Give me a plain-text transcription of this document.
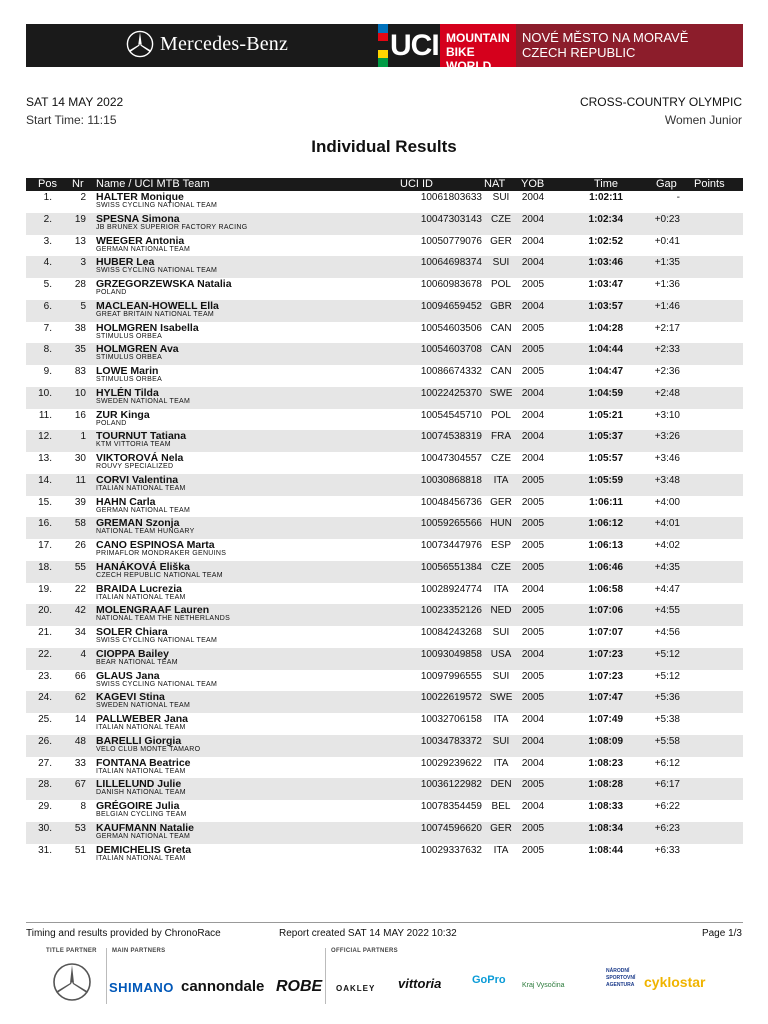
Mercedes-Benz	UCI MOUNTAIN BIKE
WORLD CUP
NOVÉ MĚSTO NA MORAVĚ
CZECH REPUBLIC
SAT 14 MAY 2022
Start Time: 11:15
CROSS-COUNTRY OLYMPIC
Women Junior
Individual Results
Pos Nr Name / UCI MTB Team	UCI ID	NAT YOB	Time	Gap Points
1.	2 HALTER Monique
SWISS CYCLING NATIONAL TEAM
10061803633	SUI	2004	1:02:11	-
2.	19 SPESNA Simona
JB BRUNEX SUPERIOR FACTORY RACING
10047303143 CZE	2004	1:02:34	+0:23
3.	13 WEEGER Antonia
GERMAN NATIONAL TEAM
10050779076 GER	2004	1:02:52	+0:41
4.	3 HUBER Lea
SWISS CYCLING NATIONAL TEAM
10064698374	SUI	2004	1:03:46	+1:35
5.	28 GRZEGORZEWSKA Natalia
POLAND
10060983678 POL	2005	1:03:47	+1:36
6.	5 MACLEAN-HOWELL Ella
GREAT BRITAIN NATIONAL TEAM
10094659452 GBR	2004	1:03:57	+1:46
7.	38 HOLMGREN Isabella
STIMULUS ORBEA
10054603506 CAN	2005	1:04:28	+2:17
8.	35 HOLMGREN Ava
STIMULUS ORBEA
10054603708 CAN	2005	1:04:44	+2:33
9.	83 LOWE Marin
STIMULUS ORBEA
10086674332 CAN	2005	1:04:47	+2:36
10.	10 HYLÉN Tilda
SWEDEN NATIONAL TEAM
10022425370 SWE 2004	1:04:59	+2:48
11.	16 ZUR Kinga
POLAND
10054545710 POL	2004	1:05:21	+3:10
12.	1 TOURNUT Tatiana
KTM VITTORIA TEAM
10074538319 FRA	2004	1:05:37	+3:26
13.	30 VIKTOROVÁ Nela
ROUVY SPECIALIZED
10047304557 CZE	2004	1:05:57	+3:46
14.	11 CORVI Valentina
ITALIAN NATIONAL TEAM
10030868818	ITA	2005	1:05:59	+3:48
15.	39 HAHN Carla
GERMAN NATIONAL TEAM
10048456736 GER	2005	1:06:11	+4:00
16.	58 GREMAN Szonja
NATIONAL TEAM HUNGARY
10059265566 HUN	2005	1:06:12	+4:01
17.	26 CANO ESPINOSA Marta
PRIMAFLOR MONDRAKER GENUINS
10073447976 ESP	2005	1:06:13	+4:02
18.	55 HANÁKOVÁ Eliška
CZECH REPUBLIC NATIONAL TEAM
10056551384 CZE	2005	1:06:46	+4:35
19.	22 BRAIDA Lucrezia
ITALIAN NATIONAL TEAM
10028924774	ITA	2004	1:06:58	+4:47
20.	42 MOLENGRAAF Lauren
NATIONAL TEAM THE NETHERLANDS
10023352126 NED	2005	1:07:06	+4:55
21.	34 SOLER Chiara
SWISS CYCLING NATIONAL TEAM
10084243268	SUI	2005	1:07:07	+4:56
22.	4 CIOPPA Bailey
BEAR NATIONAL TEAM
10093049858 USA	2004	1:07:23	+5:12
23.	66 GLAUS Jana
SWISS CYCLING NATIONAL TEAM
10097996555	SUI	2005	1:07:23	+5:12
24.	62 KAGEVI Stina
SWEDEN NATIONAL TEAM
10022619572 SWE 2005	1:07:47	+5:36
25.	14 PALLWEBER Jana
ITALIAN NATIONAL TEAM
10032706158	ITA	2004	1:07:49	+5:38
26.	48 BARELLI Giorgia
VELO CLUB MONTE TAMARO
10034783372	SUI	2004	1:08:09	+5:58
27.	33 FONTANA Beatrice
ITALIAN NATIONAL TEAM
10029239622	ITA	2004	1:08:23	+6:12
28.	67 LILLELUND Julie
DANISH NATIONAL TEAM
10036122982 DEN	2005	1:08:28	+6:17
29.	8 GRÉGOIRE Julia
BELGIAN CYCLING TEAM
10078354459 BEL	2004	1:08:33	+6:22
30.	53 KAUFMANN Natalie
GERMAN NATIONAL TEAM
10074596620 GER	2005	1:08:34	+6:23
31.	51 DEMICHELIS Greta
ITALIAN NATIONAL TEAM
10029337632	ITA	2005	1:08:44	+6:33
Timing and results provided by ChronoRace	Report created SAT 14 MAY 2022 10:32	Page 1/3
TITLE PARTNER	MAIN PARTNERS
SHIMANO cannondale ROBE
OFFICIAL PARTNERS
OAKLEY vittoria	GoPro Kraj Vysočina
NÁRODNÍ SPORTOVNÍ AGENTURA cyklostar
